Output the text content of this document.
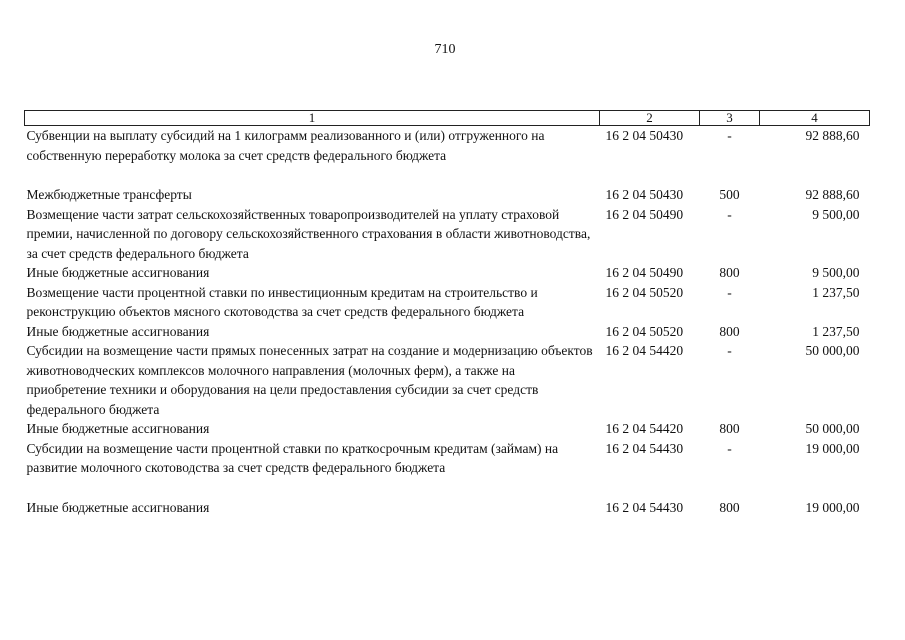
710
1	2	3	4
Субвенции на выплату субсидий на 1 килограмм реализованного и (или) отгруженного на собственную переработку молока за счет средств федерального бюджета	16 2 04 50430	-	92 888,60
Межбюджетные трансферты	16 2 04 50430	500	92 888,60
Возмещение части затрат сельскохозяйственных товаропроизводителей на уплату страховой премии, начисленной по договору сельскохозяйственного страхования в области животноводства, за счет средств федерального бюджета	16 2 04 50490	-	9 500,00
Иные бюджетные ассигнования	16 2 04 50490	800	9 500,00
Возмещение части процентной ставки по инвестиционным кредитам на строительство и реконструкцию объектов мясного скотоводства за счет средств федерального бюджета	16 2 04 50520	-	1 237,50
Иные бюджетные ассигнования	16 2 04 50520	800	1 237,50
Субсидии на возмещение части прямых понесенных затрат на создание и модернизацию объектов животноводческих комплексов молочного направления (молочных ферм), а также на приобретение техники и оборудования на цели предоставления субсидии за счет средств федерального бюджета	16 2 04 54420	-	50 000,00
Иные бюджетные ассигнования	16 2 04 54420	800	50 000,00
Субсидии на возмещение части процентной ставки по краткосрочным кредитам (займам) на развитие молочного скотоводства за счет средств федерального бюджета	16 2 04 54430	-	19 000,00
Иные бюджетные ассигнования	16 2 04 54430	800	19 000,00
